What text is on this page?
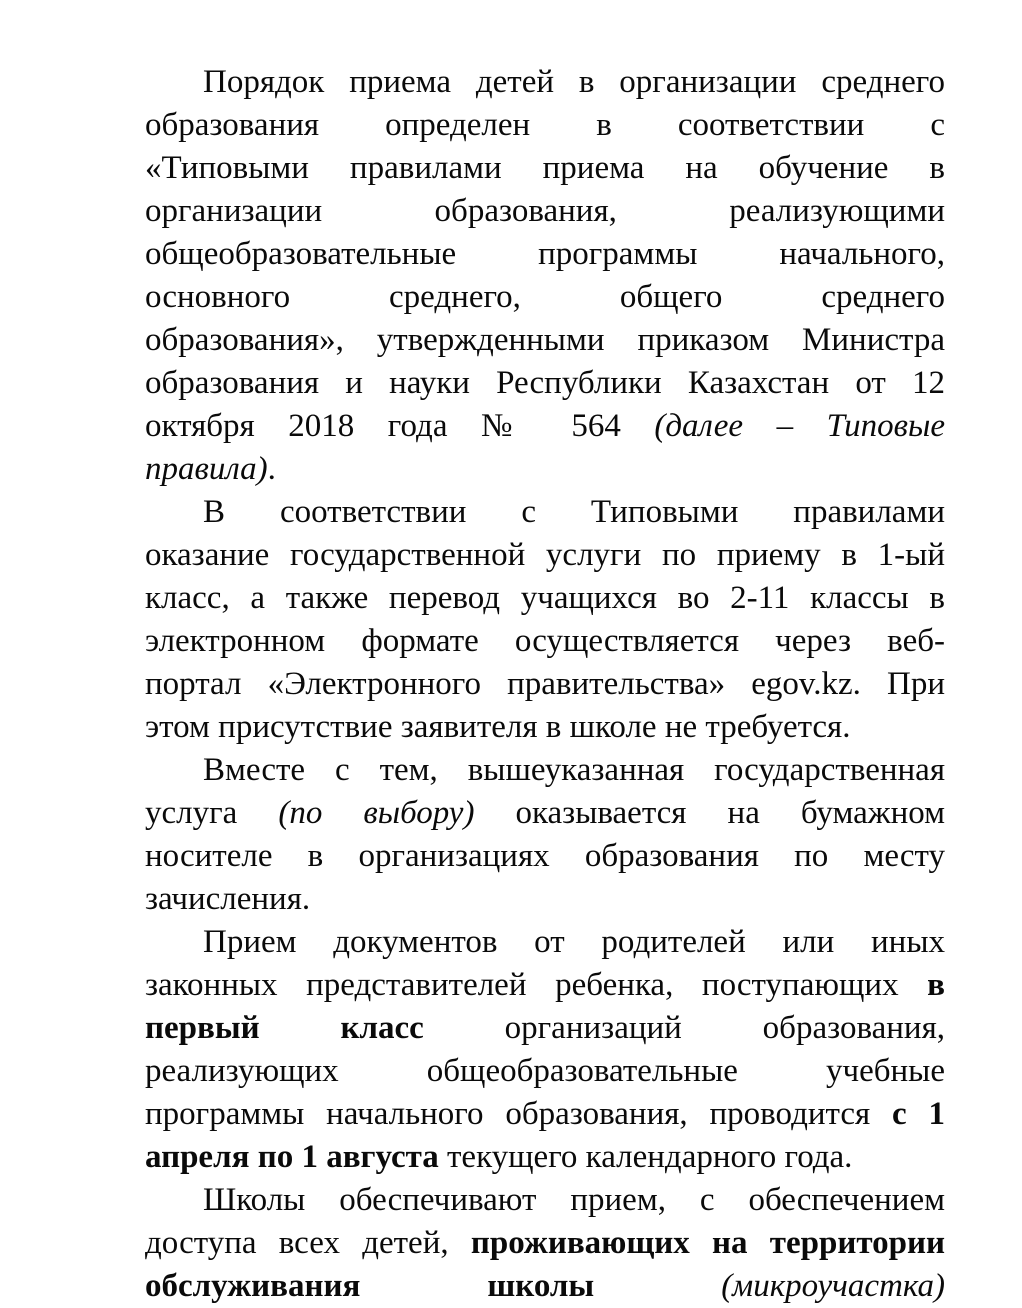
Порядок приема детей в организации среднего
образования определен в соответствии с
«Типовыми правилами приема на обучение в
организации образования, реализующими
общеобразовательные программы начального,
основного среднего, общего среднего
образования», утвержденными приказом Министра
образования и науки Республики Казахстан от 12
октября 2018 года № 564 (далее – Типовые
правила).
В соответствии с Типовыми правилами
оказание государственной услуги по приему в 1-ый
класс, а также перевод учащихся во 2-11 классы в
электронном формате осуществляется через веб-
портал «Электронного правительства» egov.kz. При
этом присутствие заявителя в школе не требуется.
Вместе с тем, вышеуказанная государственная
услуга (по выбору) оказывается на бумажном
носителе в организациях образования по месту
зачисления.
Прием документов от родителей или иных
законных представителей ребенка, поступающих в
первый класс организаций образования,
реализующих общеобразовательные учебные
программы начального образования, проводится с 1
апреля по 1 августа текущего календарного года.
Школы обеспечивают прием, с обеспечением
доступа всех детей, проживающих на территории
обслуживания школы (микроучастка)
